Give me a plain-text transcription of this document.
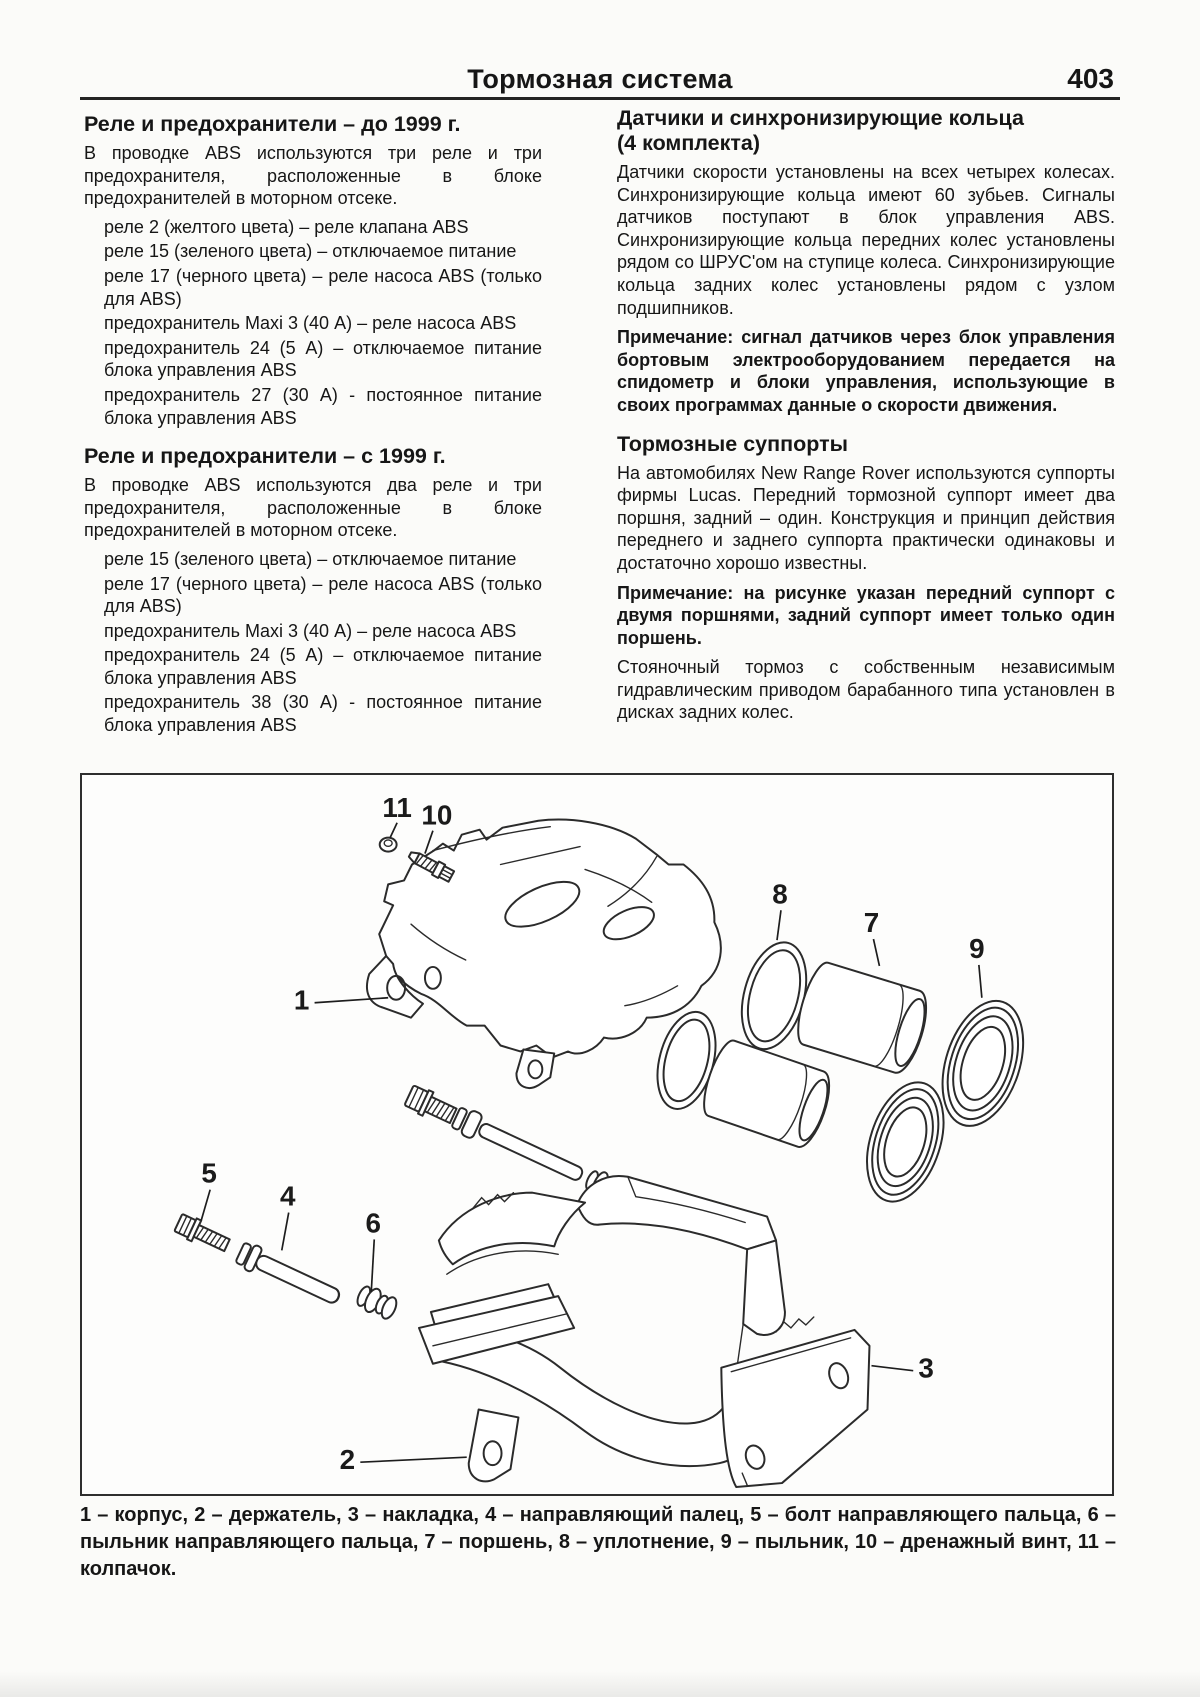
Тормозная система	403
Реле и предохранители – до 1999 г.

В проводке ABS используются три реле и три предохранителя, расположенные в блоке предохранителей в моторном отсеке.

реле 2 (желтого цвета) – реле клапана ABS

реле 15 (зеленого цвета) – отключаемое питание

реле 17 (черного цвета) – реле насоса ABS (только для ABS)

предохранитель Maxi 3 (40 А) – реле насоса ABS

предохранитель 24 (5 А) – отключаемое питание блока управления ABS

предохранитель 27 (30 А) - постоянное питание блока управления ABS

Реле и предохранители – с 1999 г.

В проводке ABS используются два реле и три предохранителя, расположенные в блоке предохранителей в моторном отсеке.

реле 15 (зеленого цвета) – отключаемое питание

реле 17 (черного цвета) – реле насоса ABS (только для ABS)

предохранитель Maxi 3 (40 А) – реле насоса ABS

предохранитель 24 (5 А) – отключаемое питание блока управления ABS

предохранитель 38 (30 А) - постоянное питание блока управления ABS

Датчики и синхронизирующие кольца
(4 комплекта)

Датчики скорости установлены на всех четырех колесах. Синхронизирующие кольца имеют 60 зубьев. Сигналы датчиков поступают в блок управления ABS. Синхронизирующие кольца передних колес установлены рядом со ШРУС'ом на ступице колеса. Синхронизирующие кольца задних колес установлены рядом с узлом подшипников.

Примечание: сигнал датчиков через блок управления бортовым электрооборудованием передается на спидометр и блоки управления, использующие в своих программах данные о скорости движения.

Тормозные суппорты

На автомобилях New Range Rover используются суппорты фирмы Lucas. Передний тормозной суппорт имеет два поршня, задний – один. Конструкция и принцип действия переднего и заднего суппорта практически одинаковы и достаточно хорошо известны.

Примечание: на рисунке указан передний суппорт с двумя поршнями, задний суппорт имеет только один поршень.

Стояночный тормоз с собственным независимым гидравлическим приводом барабанного типа установлен в дисках задних колес.

1
2
3
4
5
6
7
8
9
10
11

1 – корпус, 2 – держатель, 3 – накладка, 4 – направляющий палец, 5 – болт направляющего пальца, 6 – пыльник направляющего пальца, 7 – поршень, 8 – уплотнение, 9 – пыльник, 10 – дренажный винт, 11 – колпачок.
